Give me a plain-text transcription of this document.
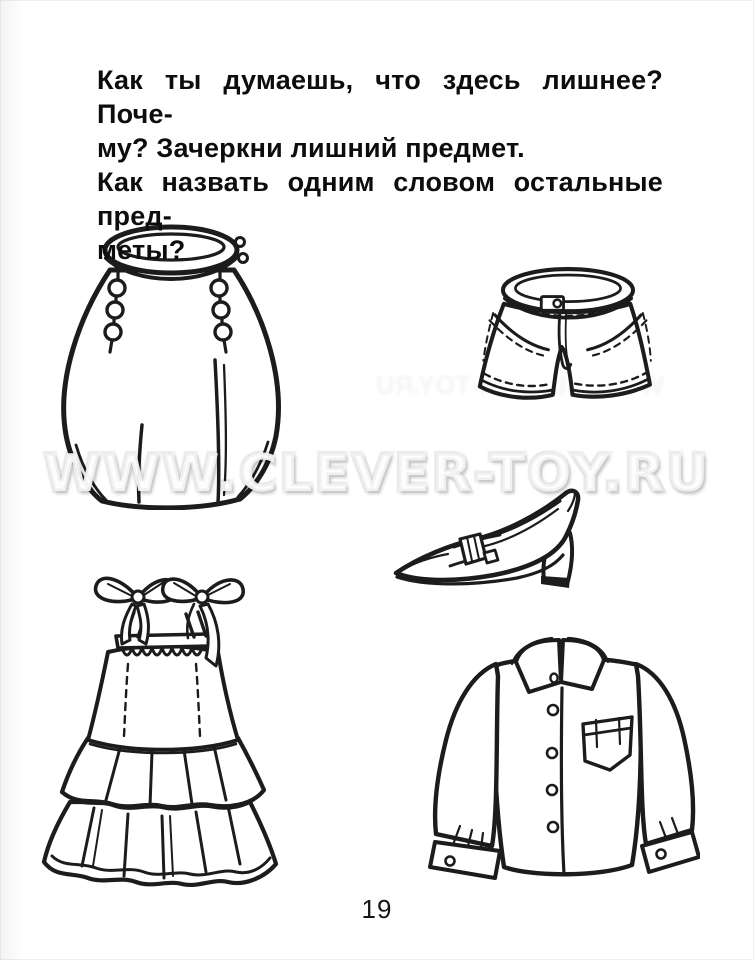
Как ты думаешь, что здесь лишнее? Поче-
му? Зачеркни лишний предмет.
Как назвать одним словом остальные пред-
меты?
WWW.CLEVER-TOY.RU
19
